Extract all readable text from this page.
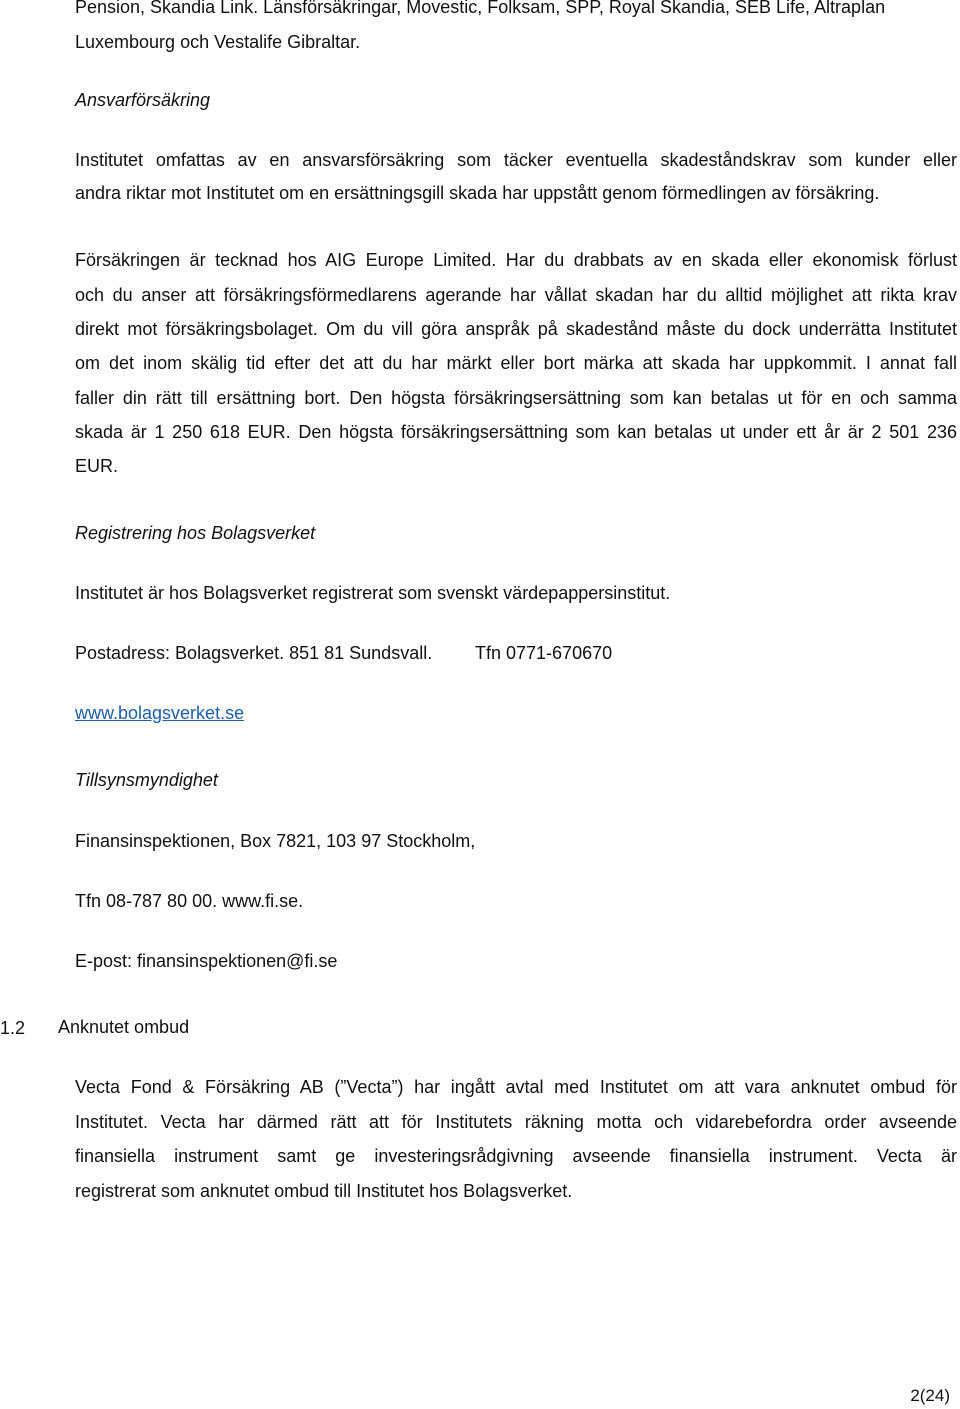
Pension, Skandia Link. Länsförsäkringar, Movestic, Folksam, SPP, Royal Skandia, SEB Life, Altraplan

Luxembourg och Vestalife Gibraltar.

Ansvarförsäkring

Institutet omfattas av en ansvarsförsäkring som täcker eventuella skadeståndskrav som kunder eller

andra riktar mot Institutet om en ersättningsgill skada har uppstått genom förmedlingen av försäkring.

Försäkringen är tecknad hos AIG Europe Limited. Har du drabbats av en skada eller ekonomisk förlust

och du anser att försäkringsförmedlarens agerande har vållat skadan har du alltid möjlighet att rikta krav

direkt mot försäkringsbolaget. Om du vill göra anspråk på skadestånd måste du dock underrätta Institutet

om det inom skälig tid efter det att du har märkt eller bort märka att skada har uppkommit. I annat fall

faller din rätt till ersättning bort. Den högsta försäkringsersättning som kan betalas ut för en och samma

skada är 1 250 618 EUR. Den högsta försäkringsersättning som kan betalas ut under ett år är 2 501 236

EUR.

Registrering hos Bolagsverket

Institutet är hos Bolagsverket registrerat som svenskt värdepappersinstitut.

Postadress: Bolagsverket. 851 81 Sundsvall. Tfn 0771-670670

www.bolagsverket.se

Tillsynsmyndighet

Finansinspektionen, Box 7821, 103 97 Stockholm,

Tfn 08-787 80 00. www.fi.se.

E-post: finansinspektionen@fi.se

1.2 Anknutet ombud

Vecta Fond & Försäkring AB (”Vecta”) har ingått avtal med Institutet om att vara anknutet ombud för

Institutet. Vecta har därmed rätt att för Institutets räkning motta och vidarebefordra order avseende

finansiella instrument samt ge investeringsrådgivning avseende finansiella instrument. Vecta är

registrerat som anknutet ombud till Institutet hos Bolagsverket.

2(24)
